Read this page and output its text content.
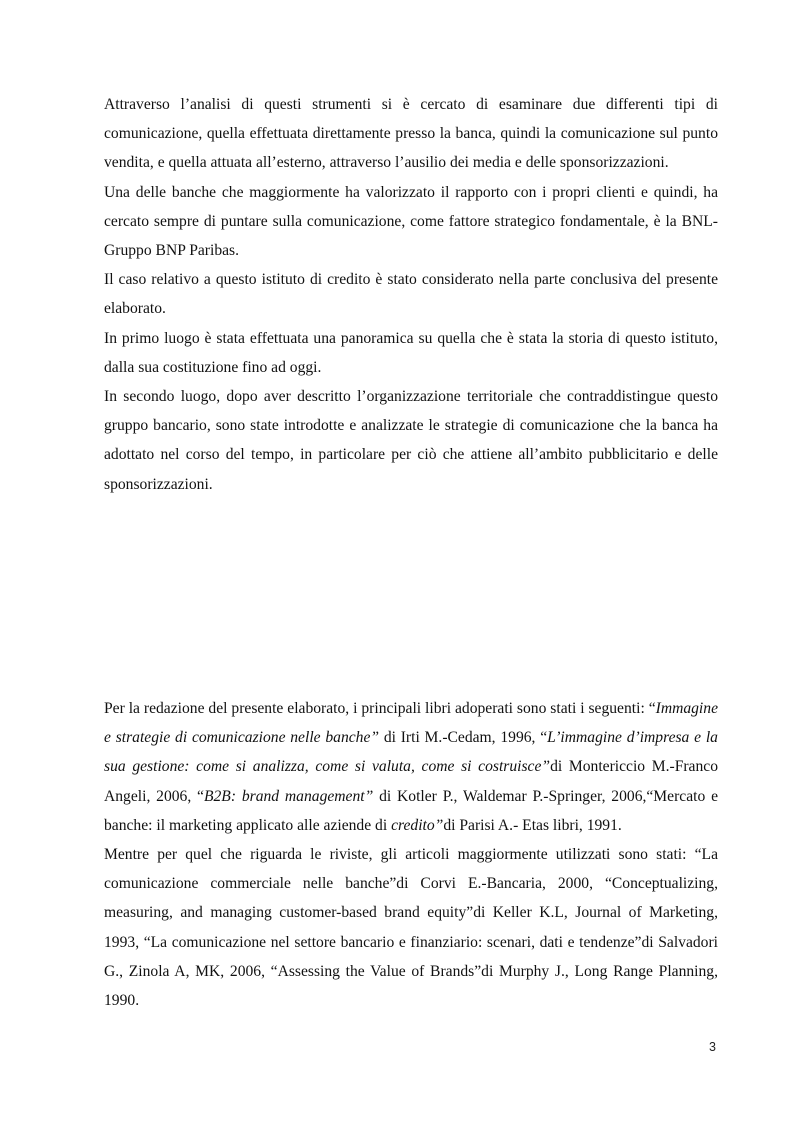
Attraverso l’analisi di questi strumenti si è cercato di esaminare due differenti tipi di comunicazione, quella effettuata direttamente presso la banca, quindi la comunicazione sul punto vendita, e quella attuata all’esterno, attraverso l’ausilio dei media e delle sponsorizzazioni.

Una delle banche che maggiormente ha valorizzato il rapporto con i propri clienti e quindi, ha cercato sempre di puntare sulla comunicazione, come fattore strategico fondamentale, è la BNL-Gruppo BNP Paribas.

Il caso relativo a questo istituto di credito è stato considerato nella parte conclusiva del presente elaborato.

In primo luogo è stata effettuata una panoramica su quella che è stata la storia di questo istituto, dalla sua costituzione fino ad oggi.

In secondo luogo, dopo aver descritto l’organizzazione territoriale che contraddistingue questo gruppo bancario, sono state introdotte e analizzate le strategie di comunicazione che la banca ha adottato nel corso del tempo, in particolare per ciò che attiene all’ambito pubblicitario e delle sponsorizzazioni.

Per la redazione del presente elaborato, i principali libri adoperati sono stati i seguenti: “Immagine e strategie di comunicazione nelle banche” di Irti M.-Cedam, 1996, “L’immagine d’impresa e la sua gestione: come si analizza, come si valuta, come si costruisce”di Montericcio M.-Franco Angeli, 2006, “B2B: brand management” di Kotler P., Waldemar P.-Springer, 2006,“Mercato e banche: il marketing applicato alle aziende di credito”di Parisi A.- Etas libri, 1991.

Mentre per quel che riguarda le riviste, gli articoli maggiormente utilizzati sono stati: “La comunicazione commerciale nelle banche”di Corvi E.-Bancaria, 2000, “Conceptualizing, measuring, and managing customer-based brand equity”di Keller K.L, Journal of Marketing, 1993, “La comunicazione nel settore bancario e finanziario: scenari, dati e tendenze”di Salvadori G., Zinola A, MK, 2006, “Assessing the Value of Brands”di Murphy J., Long Range Planning, 1990.

3
